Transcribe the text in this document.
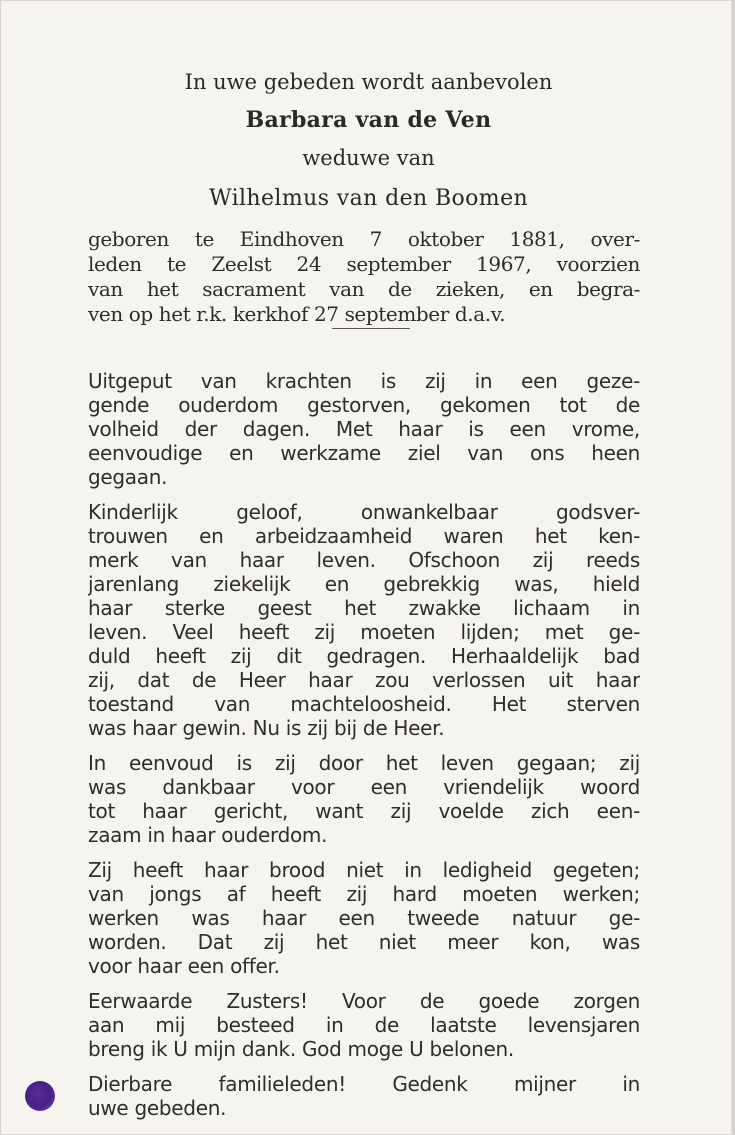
In uwe gebeden wordt aanbevolen
Barbara van de Ven
weduwe van
Wilhelmus van den Boomen
geboren te Eindhoven 7 oktober 1881, over-
leden te Zeelst 24 september 1967, voorzien
van het sacrament van de zieken, en begra-
ven op het r.k. kerkhof 27 september d.a.v.
Uitgeput van krachten is zij in een geze-
gende ouderdom gestorven, gekomen tot de
volheid der dagen. Met haar is een vrome,
eenvoudige en werkzame ziel van ons heen
gegaan.
Kinderlijk geloof, onwankelbaar godsver-
trouwen en arbeidzaamheid waren het ken-
merk van haar leven. Ofschoon zij reeds
jarenlang ziekelijk en gebrekkig was, hield
haar sterke geest het zwakke lichaam in
leven. Veel heeft zij moeten lijden; met ge-
duld heeft zij dit gedragen. Herhaaldelijk bad
zij, dat de Heer haar zou verlossen uit haar
toestand van machteloosheid. Het sterven
was haar gewin. Nu is zij bij de Heer.
In eenvoud is zij door het leven gegaan; zij
was dankbaar voor een vriendelijk woord
tot haar gericht, want zij voelde zich een-
zaam in haar ouderdom.
Zij heeft haar brood niet in ledigheid gegeten;
van jongs af heeft zij hard moeten werken;
werken was haar een tweede natuur ge-
worden. Dat zij het niet meer kon, was
voor haar een offer.
Eerwaarde Zusters! Voor de goede zorgen
aan mij besteed in de laatste levensjaren
breng ik U mijn dank. God moge U belonen.
Dierbare familieleden! Gedenk mijner in
uwe gebeden.
